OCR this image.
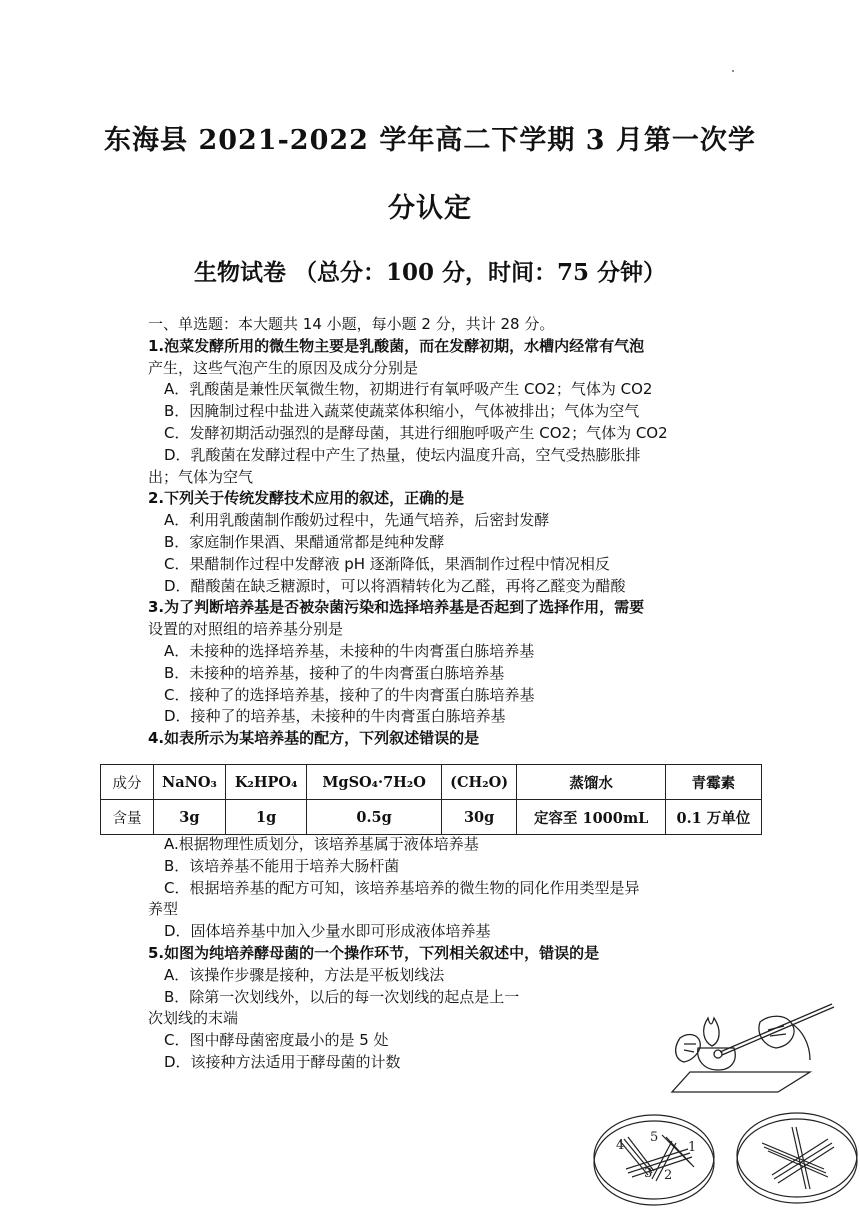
东海县 2021-2022 学年高二下学期 3 月第一次学
分认定
生物试卷 （总分：100 分，时间：75 分钟）
一、单选题：本大题共 14 小题，每小题 2 分，共计 28 分。
1.泡菜发酵所用的微生物主要是乳酸菌，而在发酵初期，水槽内经常有气泡
产生，这些气泡产生的原因及成分分别是
A．乳酸菌是兼性厌氧微生物，初期进行有氧呼吸产生 CO2；气体为 CO2
B．因腌制过程中盐进入蔬菜使蔬菜体积缩小，气体被排出；气体为空气
C．发酵初期活动强烈的是酵母菌，其进行细胞呼吸产生 CO2；气体为 CO2
D．乳酸菌在发酵过程中产生了热量，使坛内温度升高，空气受热膨胀排
出；气体为空气
2.下列关于传统发酵技术应用的叙述，正确的是
A．利用乳酸菌制作酸奶过程中，先通气培养，后密封发酵
B．家庭制作果酒、果醋通常都是纯种发酵
C．果醋制作过程中发酵液 pH 逐渐降低，果酒制作过程中情况相反
D．醋酸菌在缺乏糖源时，可以将酒精转化为乙醛，再将乙醛变为醋酸
3.为了判断培养基是否被杂菌污染和选择培养基是否起到了选择作用，需要
设置的对照组的培养基分别是
A．未接种的选择培养基，未接种的牛肉膏蛋白胨培养基
B．未接种的培养基，接种了的牛肉膏蛋白胨培养基
C．接种了的选择培养基，接种了的牛肉膏蛋白胨培养基
D．接种了的培养基，未接种的牛肉膏蛋白胨培养基
4.如表所示为某培养基的配方，下列叙述错误的是
成分	NaNO₃	K₂HPO₄	MgSO₄·7H₂O	(CH₂O)	蒸馏水	青霉素
含量	3g	1g	0.5g	30g	定容至 1000mL	0.1 万单位
A.根据物理性质划分，该培养基属于液体培养基
B．该培养基不能用于培养大肠杆菌
C．根据培养基的配方可知，该培养基培养的微生物的同化作用类型是异
养型
D．固体培养基中加入少量水即可形成液体培养基
5.如图为纯培养酵母菌的一个操作环节，下列相关叙述中，错误的是
A．该操作步骤是接种，方法是平板划线法
B．除第一次划线外，以后的每一次划线的起点是上一
次划线的末端
C．图中酵母菌密度最小的是 5 处
D．该接种方法适用于酵母菌的计数
4
5
1
3 2
